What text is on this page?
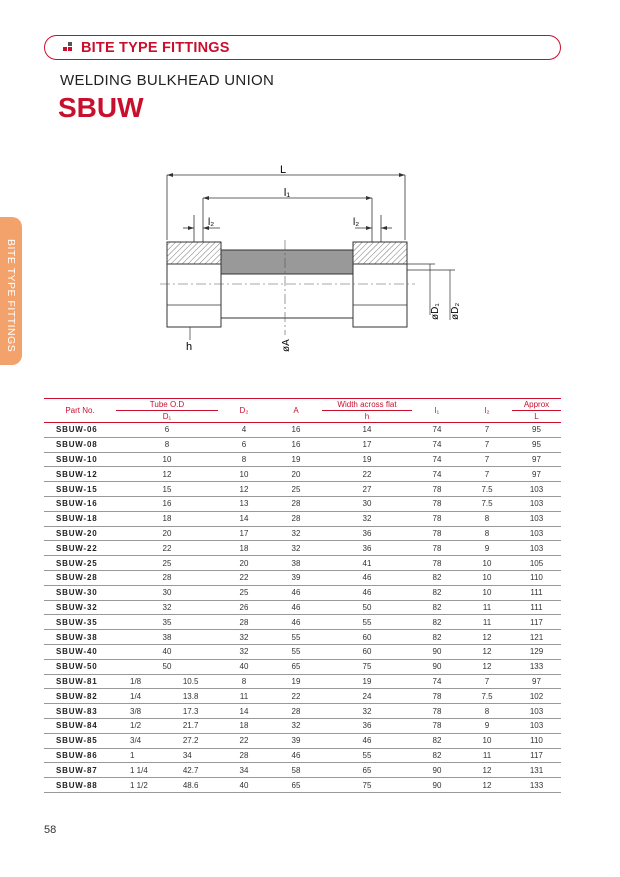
BITE TYPE FITTINGS
WELDING BULKHEAD UNION
SBUW
BITE TYPE FITTINGS
L
l₁
l₂	l₂
øD₁ øD₂
øA
h
Part No.	Tube O.D		D₂	A	Width across flat	l₁	l₂	Approx
	D₁				h			L
SBUW-06	6		4	16	14	74	7	95
SBUW-08	8		6	16	17	74	7	95
SBUW-10	10		8	19	19	74	7	97
SBUW-12	12		10	20	22	74	7	97
SBUW-15	15		12	25	27	78	7.5	103
SBUW-16	16		13	28	30	78	7.5	103
SBUW-18	18		14	28	32	78	8	103
SBUW-20	20		17	32	36	78	8	103
SBUW-22	22		18	32	36	78	9	103
SBUW-25	25		20	38	41	78	10	105
SBUW-28	28		22	39	46	82	10	110
SBUW-30	30		25	46	46	82	10	111
SBUW-32	32		26	46	50	82	11	111
SBUW-35	35		28	46	55	82	11	117
SBUW-38	38		32	55	60	82	12	121
SBUW-40	40		32	55	60	90	12	129
SBUW-50	50		40	65	75	90	12	133
SBUW-81	1/8	10.5	8	19	19	74	7	97
SBUW-82	1/4	13.8	11	22	24	78	7.5	102
SBUW-83	3/8	17.3	14	28	32	78	8	103
SBUW-84	1/2	21.7	18	32	36	78	9	103
SBUW-85	3/4	27.2	22	39	46	82	10	110
SBUW-86	1	34	28	46	55	82	11	117
SBUW-87	1 1/4	42.7	34	58	65	90	12	131
SBUW-88	1 1/2	48.6	40	65	75	90	12	133
58
